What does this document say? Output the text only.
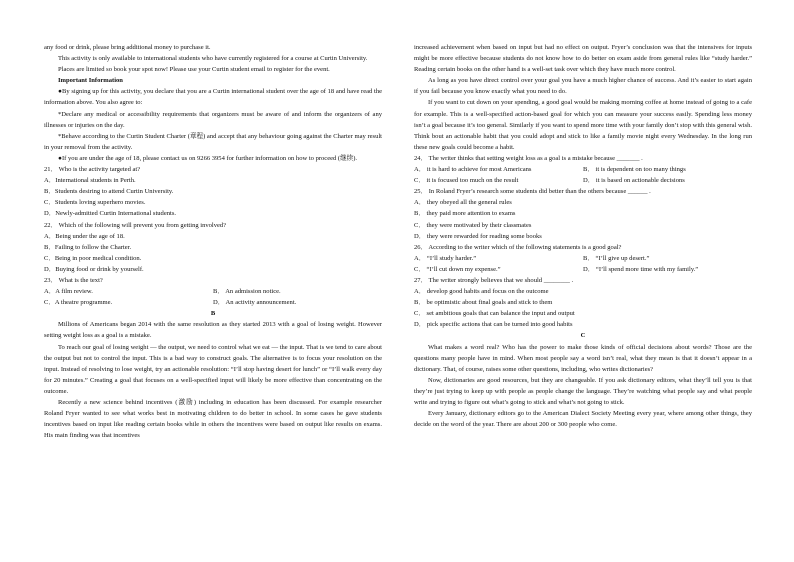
any food or drink, please bring additional money to purchase it.

This activity is only available to international students who have currently registered for a course at Curtin University.

Places are limited so book your spot now! Please use your Curtin student email to register for the event.

Important Information

●By signing up for this activity, you declare that you are a Curtin international student over the age of 18 and have read the information above. You also agree to:

*Declare any medical or accessibility requirements that organizers must be aware of and inform the organizers of any illnesses or injuries on the day.

*Behave according to the Curtin Student Charter (章程) and accept that any behaviour going against the Charter may result in your removal from the activity.

●If you are under the age of 18, please contact us on 9266 3954 for further information on how to proceed (继续).

21． Who is the activity targeted at?

A．International students in Perth.

B．Students desiring to attend Curtin University.

C．Students loving superhero movies.

D．Newly-admitted Curtin International students.

22． Which of the following will prevent you from getting involved?

A．Being under the age of 18.

B．Failing to follow the Charter.

C．Being in poor medical condition.

D．Buying food or drink by yourself.

23． What is the text?

A．A film review.	B． An admission notice.
C．A theatre programme.	D． An activity announcement.

B

Millions of Americans began 2014 with the same resolution as they started 2013 with a goal of losing weight. However setting weight loss as a goal is a mistake.

To reach our goal of losing weight — the output, we need to control what we eat — the input. That is we tend to care about the output but not to control the input. This is a bad way to construct goals. The alternative is to focus your resolution on the input. Instead of resolving to lose weight, try an actionable resolution: “I’ll stop having desert for lunch” or “I’ll walk every day for 20 minutes.” Creating a goal that focuses on a well-specified input will likely be more effective than concentrating on the outcome.

Recently a new science behind incentives (激励) including in education has been discussed. For example researcher Roland Fryer wanted to see what works best in motivating children to do better in school. In some cases he gave students incentives based on input like reading certain books while in others the incentives were based on output like results on exams. His main finding was that incentives

increased achievement when based on input but had no effect on output. Fryer’s conclusion was that the intensives for inputs might be more effective because students do not know how to do better on exam aside from general rules like “study harder.” Reading certain books on the other hand is a well-set task over which they have much more control.

As long as you have direct control over your goal you have a much higher chance of success. And it’s easier to start again if you fail because you know exactly what you need to do.

If you want to cut down on your spending, a good goal would be making morning coffee at home instead of going to a cafe for example. This is a well-specified action-based goal for which you can measure your success easily. Spending less money isn’t a goal because it’s too general. Similarly if you want to spend more time with your family don’t stop with this general wish. Think bout an actionable habit that you could adopt and stick to like a family movie night every Wednesday. In the long run these new goals could become a habit.

24． The writer thinks that setting weight loss as a goal is a mistake because _______ .

A． it is hard to achieve for most Americans	B． it is dependent on too many things
C． it is focused too much on the result	D． it is based on actionable decisions

25． In Roland Fryer’s research some students did better than the others because ______ .

A． they obeyed all the general rules

B． they paid more attention to exams

C． they were motivated by their classmates

D． they were rewarded for reading some books

26． According to the writer which of the following statements is a good goal?

A． “I’ll study harder.”	B． “I’ll give up desert.”
C． “I’ll cut down my expense.”	D． “I’ll spend more time with my family.”

27． The writer strongly believes that we should ________ .

A． develop good habits and focus on the outcome

B． be optimistic about final goals and stick to them

C． set ambitious goals that can balance the input and output

D． pick specific actions that can be turned into good habits

C

What makes a word real? Who has the power to make those kinds of official decisions about words? Those are the questions many people have in mind. When most people say a word isn’t real, what they mean is that it doesn’t appear in a dictionary. That, of course, raises some other questions, including, who writes dictionaries?

Now, dictionaries are good resources, but they are changeable. If you ask dictionary editors, what they’ll tell you is that they’re just trying to keep up with people as people change the language. They’re watching what people say and what people write and trying to figure out what’s going to stick and what’s not going to stick.

Every January, dictionary editors go to the American Dialect Society Meeting every year, where among other things, they decide on the word of the year. There are about 200 or 300 people who come.
